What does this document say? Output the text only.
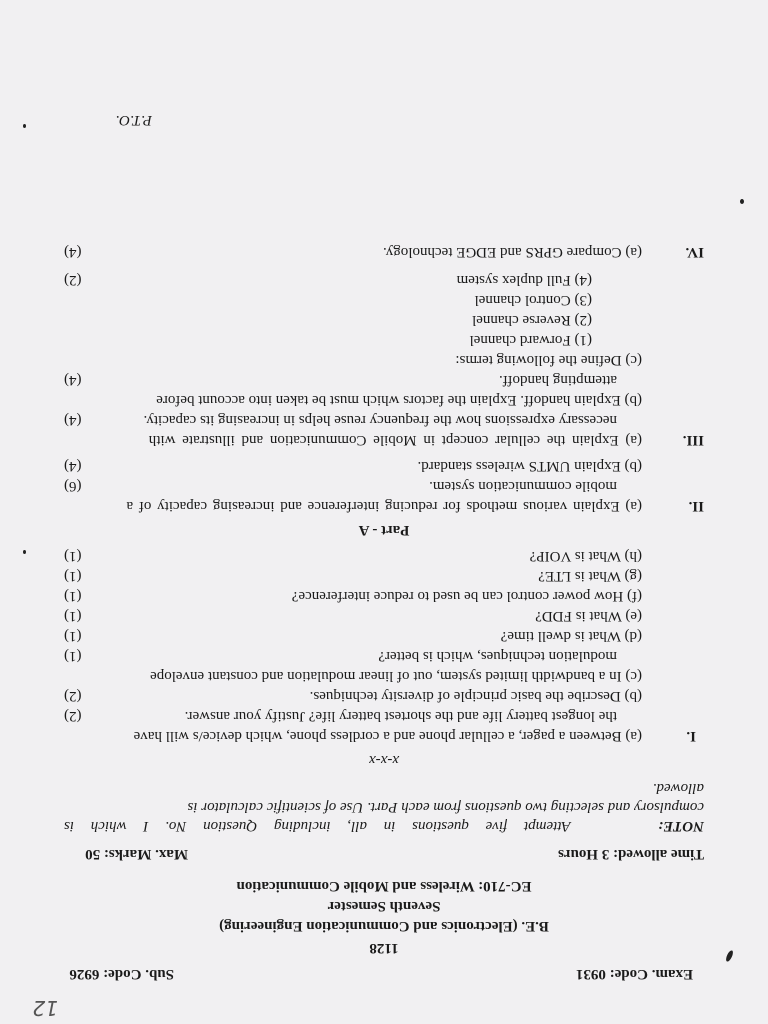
Exam. Code: 0931
Sub. Code: 6926
1128
B.E. (Electronics and Communication Engineering)
Seventh Semester
EC-710: Wireless and Mobile Communication
Time allowed: 3 Hours
Max. Marks: 50
NOTE:
Attempt five questions in all, including Question No. I which is
compulsory and selecting two questions from each Part. Use of scientific calculator is
allowed.
x-x-x
I.
(a) Between a pager, a cellular phone and a cordless phone, which device/s will have
the longest battery life and the shortest battery life? Justify your answer.
(2)
(b) Describe the basic principle of diversity techniques.
(2)
(c) In a bandwidth limited system, out of linear modulation and constant envelope
modulation techniques, which is better?
(1)
(d) What is dwell time?
(1)
(e) What is FDD?
(1)
(f) How power control can be used to reduce interference?
(1)
(g) What is LTE?
(1)
(h) What is VOIP?
(1)
Part - A
II.
(a) Explain various methods for reducing interference and increasing capacity of a
mobile communication system.
(6)
(b) Explain UMTS wireless standard.
(4)
III.
(a) Explain the cellular concept in Mobile Communication and illustrate with
necessary expressions how the frequency reuse helps in increasing its capacity.
(4)
(b) Explain handoff. Explain the factors which must be taken into account before
attempting handoff.
(4)
(c) Define the following terms:
(1) Forward channel
(2) Reverse channel
(3) Control channel
(4) Full duplex system
(2)
IV.
(a) Compare GPRS and EDGE technology.
(4)
P.T.O.
12
